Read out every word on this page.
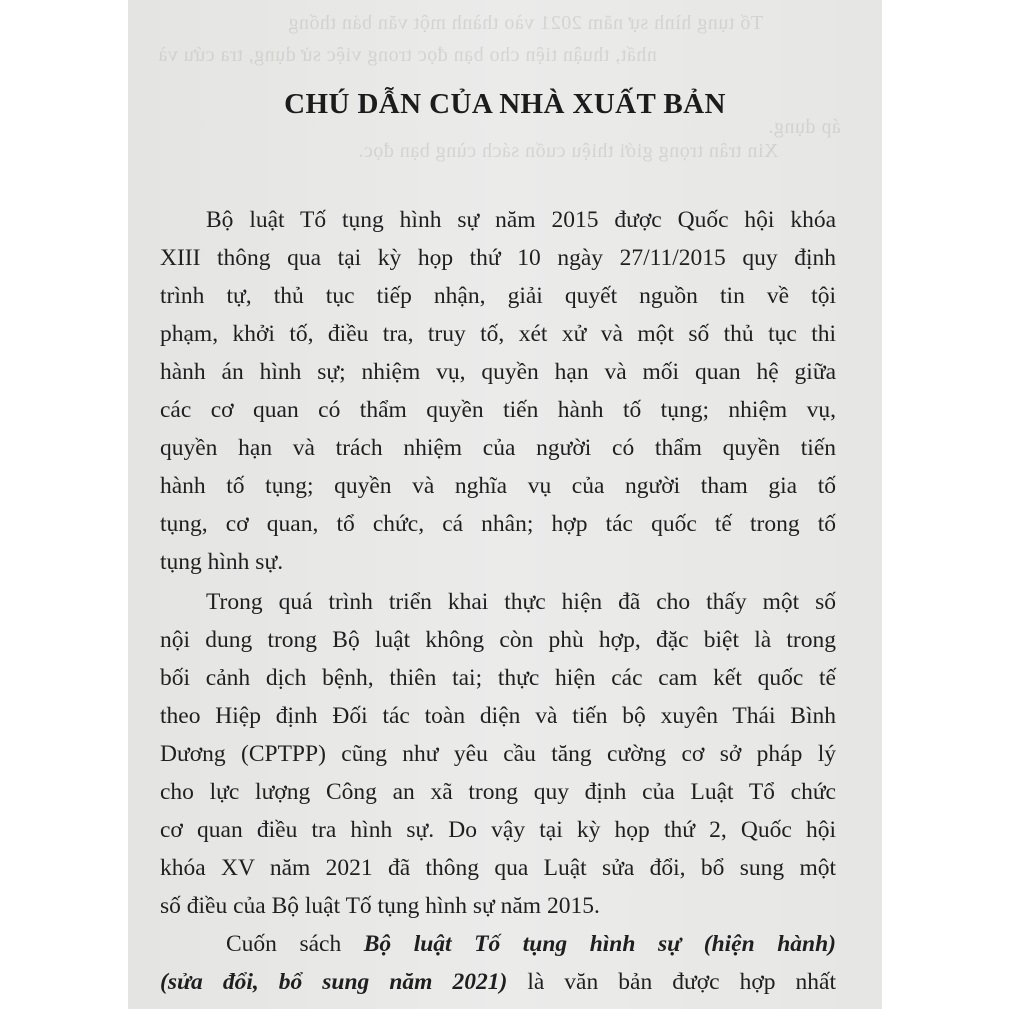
Tố tụng hình sự năm 2021 vào thành một văn bản thống
nhất, thuận tiện cho bạn đọc trong việc sử dụng, tra cứu và
áp dụng.
Xin trân trọng giới thiệu cuốn sách cùng bạn đọc.
CHÚ DẪN CỦA NHÀ XUẤT BẢN
Bộ luật Tố tụng hình sự năm 2015 được Quốc hội khóa
XIII thông qua tại kỳ họp thứ 10 ngày 27/11/2015 quy định
trình tự, thủ tục tiếp nhận, giải quyết nguồn tin về tội
phạm, khởi tố, điều tra, truy tố, xét xử và một số thủ tục thi
hành án hình sự; nhiệm vụ, quyền hạn và mối quan hệ giữa
các cơ quan có thẩm quyền tiến hành tố tụng; nhiệm vụ,
quyền hạn và trách nhiệm của người có thẩm quyền tiến
hành tố tụng; quyền và nghĩa vụ của người tham gia tố
tụng, cơ quan, tổ chức, cá nhân; hợp tác quốc tế trong tố
tụng hình sự.
Trong quá trình triển khai thực hiện đã cho thấy một số
nội dung trong Bộ luật không còn phù hợp, đặc biệt là trong
bối cảnh dịch bệnh, thiên tai; thực hiện các cam kết quốc tế
theo Hiệp định Đối tác toàn diện và tiến bộ xuyên Thái Bình
Dương (CPTPP) cũng như yêu cầu tăng cường cơ sở pháp lý
cho lực lượng Công an xã trong quy định của Luật Tổ chức
cơ quan điều tra hình sự. Do vậy tại kỳ họp thứ 2, Quốc hội
khóa XV năm 2021 đã thông qua Luật sửa đổi, bổ sung một
số điều của Bộ luật Tố tụng hình sự năm 2015.
Cuốn sách Bộ luật Tố tụng hình sự (hiện hành)
(sửa đổi, bổ sung năm 2021) là văn bản được hợp nhất
